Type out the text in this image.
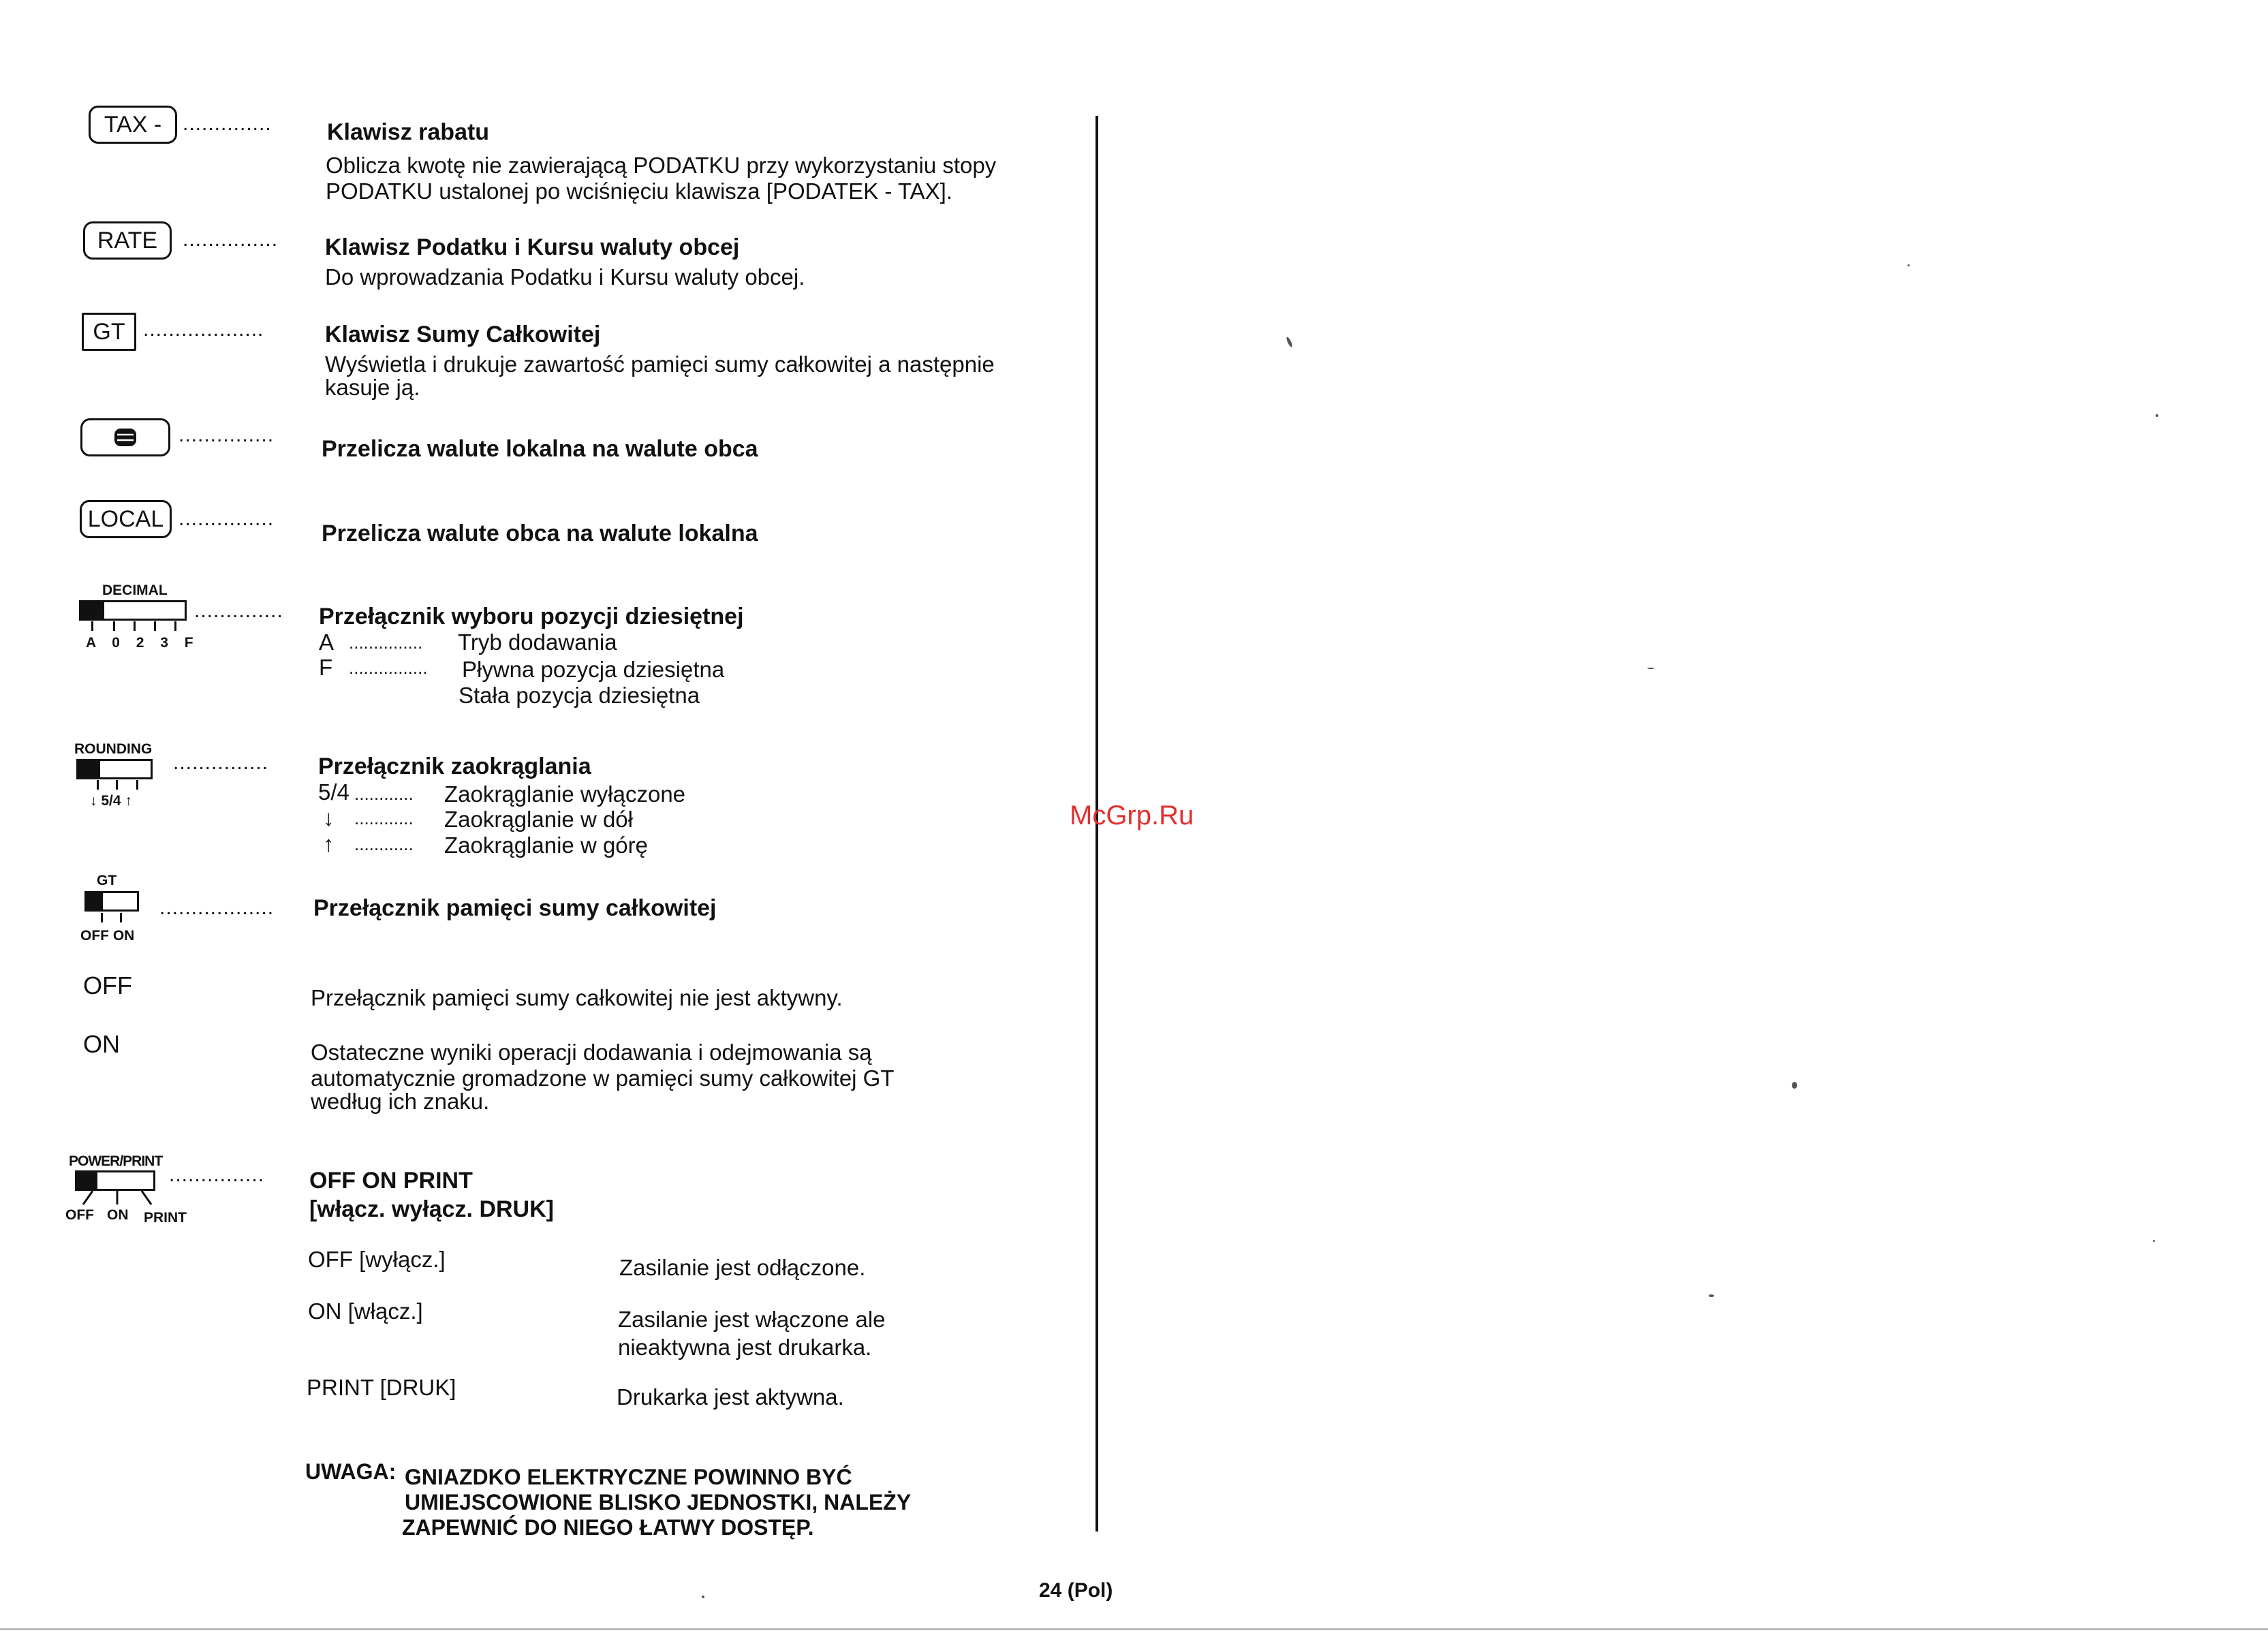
TAX - .............. Klawisz rabatu
Oblicza kwotę nie zawierającą PODATKU przy wykorzystaniu stopy
PODATKU ustalonej po wciśnięciu klawisza [PODATEK - TAX].
RATE ............... Klawisz Podatku i Kursu waluty obcej
Do wprowadzania Podatku i Kursu waluty obcej.
GT ...................	Klawisz Sumy Całkowitej
Wyświetla i drukuje zawartość pamięci sumy całkowitej a następnie
kasuje ją.
...............
Przelicza walute lokalna na walute obca
LOCAL ...............
Przelicza walute obca na walute lokalna
DECIMAL
A 0 2 3 F
.............. Przełącznik wyboru pozycji dziesiętnej
A ............... Tryb dodawania
F ................ Pływna pozycja dziesiętna
Stała pozycja dziesiętna
ROUNDING
↓ 5/4 ↑
............... Przełącznik zaokrąglania
5/4 ............ Zaokrąglanie wyłączone
↓ ............ Zaokrąglanie w dół
↑ ............ Zaokrąglanie w górę
GT
OFF ON
.................. Przełącznik pamięci sumy całkowitej
OFF	Przełącznik pamięci sumy całkowitej nie jest aktywny.
ON	Ostateczne wyniki operacji dodawania i odejmowania są
automatycznie gromadzone w pamięci sumy całkowitej GT
według ich znaku.
POWER/PRINT
OFF ON PRINT
............... OFF ON PRINT
[włącz. wyłącz. DRUK]
OFF [wyłącz.]	Zasilanie jest odłączone.
ON [włącz.]	Zasilanie jest włączone ale
nieaktywna jest drukarka.
PRINT [DRUK]	Drukarka jest aktywna.
UWAGA: GNIAZDKO ELEKTRYCZNE POWINNO BYĆ
UMIEJSCOWIONE BLISKO JEDNOSTKI, NALEŻY
ZAPEWNIĆ DO NIEGO ŁATWY DOSTĘP.
McGrp.Ru
24 (Pol)
